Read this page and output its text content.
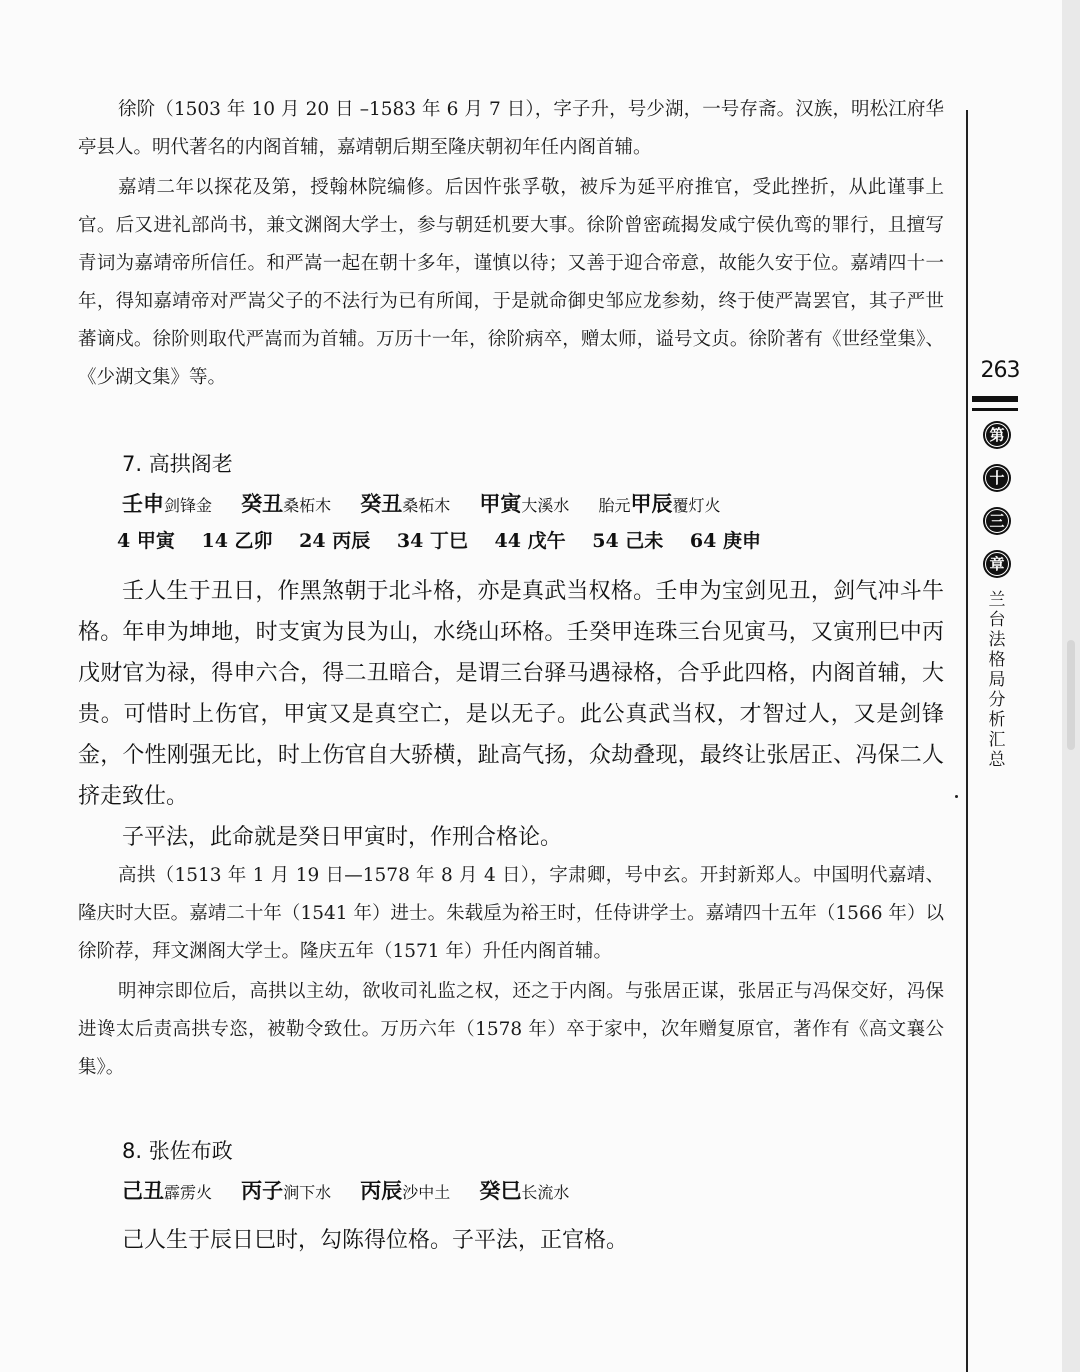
263
第
十
三
章
兰
台
法
格
局
分
析
汇
总
徐阶（1503 年 10 月 20 日 –1583 年 6 月 7 日），字子升，号少湖，一号存斋。汉族，明松江府华亭县人。明代著名的内阁首辅，嘉靖朝后期至隆庆朝初年任内阁首辅。
嘉靖二年以探花及第，授翰林院编修。后因忤张孚敬，被斥为延平府推官，受此挫折，从此谨事上官。后又进礼部尚书，兼文渊阁大学士，参与朝廷机要大事。徐阶曾密疏揭发咸宁侯仇鸾的罪行，且擅写青词为嘉靖帝所信任。和严嵩一起在朝十多年，谨慎以待；又善于迎合帝意，故能久安于位。嘉靖四十一年，得知嘉靖帝对严嵩父子的不法行为已有所闻，于是就命御史邹应龙参劾，终于使严嵩罢官，其子严世蕃谪戍。徐阶则取代严嵩而为首辅。万历十一年，徐阶病卒，赠太师，谥号文贞。徐阶著有《世经堂集》、《少湖文集》等。
7. 高拱阁老
壬申剑锋金 癸丑桑柘木 癸丑桑柘木 甲寅大溪水 胎元甲辰覆灯火
4 甲寅 14 乙卯 24 丙辰 34 丁巳 44 戊午 54 己未 64 庚申
壬人生于丑日，作黑煞朝于北斗格，亦是真武当权格。壬申为宝剑见丑，剑气冲斗牛格。年申为坤地，时支寅为艮为山，水绕山环格。壬癸甲连珠三台见寅马，又寅刑巳中丙戊财官为禄，得申六合，得二丑暗合，是谓三台驿马遇禄格，合乎此四格，内阁首辅，大贵。可惜时上伤官，甲寅又是真空亡，是以无子。此公真武当权，才智过人，又是剑锋金，个性刚强无比，时上伤官自大骄横，趾高气扬，众劫叠现，最终让张居正、冯保二人挤走致仕。
子平法，此命就是癸日甲寅时，作刑合格论。
高拱（1513 年 1 月 19 日—1578 年 8 月 4 日），字肃卿，号中玄。开封新郑人。中国明代嘉靖、隆庆时大臣。嘉靖二十年（1541 年）进士。朱载垕为裕王时，任侍讲学士。嘉靖四十五年（1566 年）以徐阶荐，拜文渊阁大学士。隆庆五年（1571 年）升任内阁首辅。
明神宗即位后，高拱以主幼，欲收司礼监之权，还之于内阁。与张居正谋，张居正与冯保交好，冯保进谗太后责高拱专恣，被勒令致仕。万历六年（1578 年）卒于家中，次年赠复原官，著作有《高文襄公集》。
8. 张佐布政
己丑霹雳火 丙子涧下水 丙辰沙中土 癸巳长流水
己人生于辰日巳时，勾陈得位格。子平法，正官格。
